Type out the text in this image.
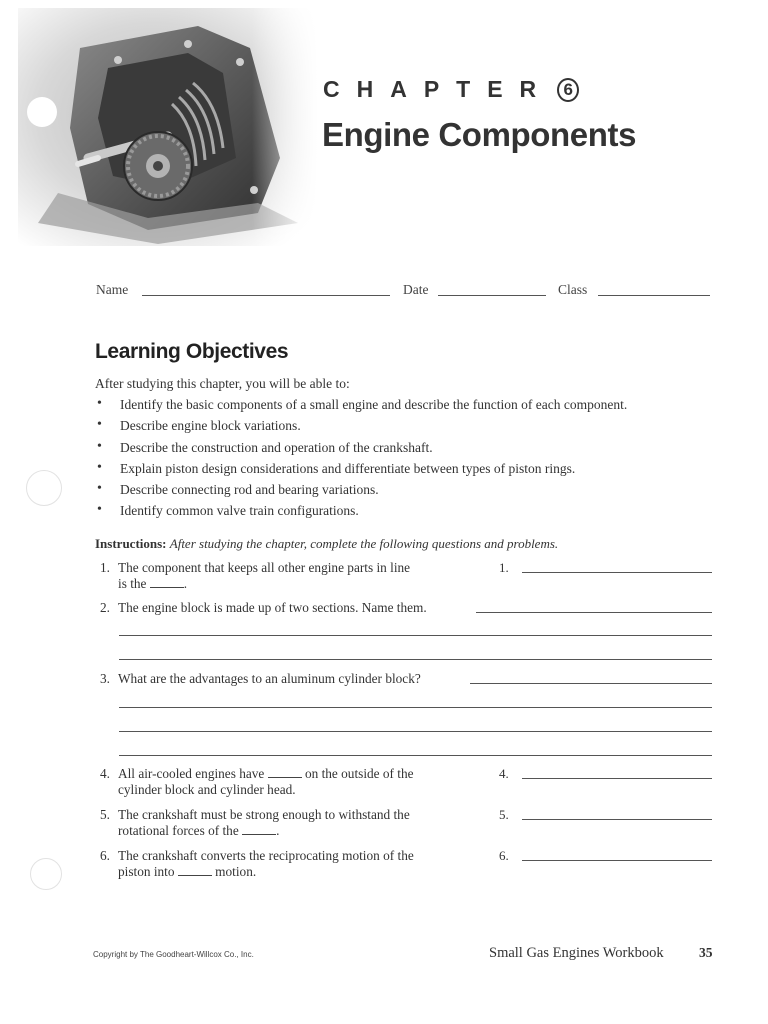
CHAPTER 6
Engine Components
Name	Date	Class
Learning Objectives
After studying this chapter, you will be able to:
• Identify the basic components of a small engine and describe the function of each component.
• Describe engine block variations.
• Describe the construction and operation of the crankshaft.
• Explain piston design considerations and differentiate between types of piston rings.
• Describe connecting rod and bearing variations.
• Identify common valve train configurations.
Instructions: After studying the chapter, complete the following questions and problems.
1. The component that keeps all other engine parts in line
is the	.
1.
2. The engine block is made up of two sections. Name them.
3. What are the advantages to an aluminum cylinder block?
4. All air-cooled engines have	on the outside of the
cylinder block and cylinder head.
4.
5. The crankshaft must be strong enough to withstand the
rotational forces of the	.
5.
6. The crankshaft converts the reciprocating motion of the
piston into	motion.
6.
Copyright by The Goodheart-Willcox Co., Inc.	Small Gas Engines Workbook	35
